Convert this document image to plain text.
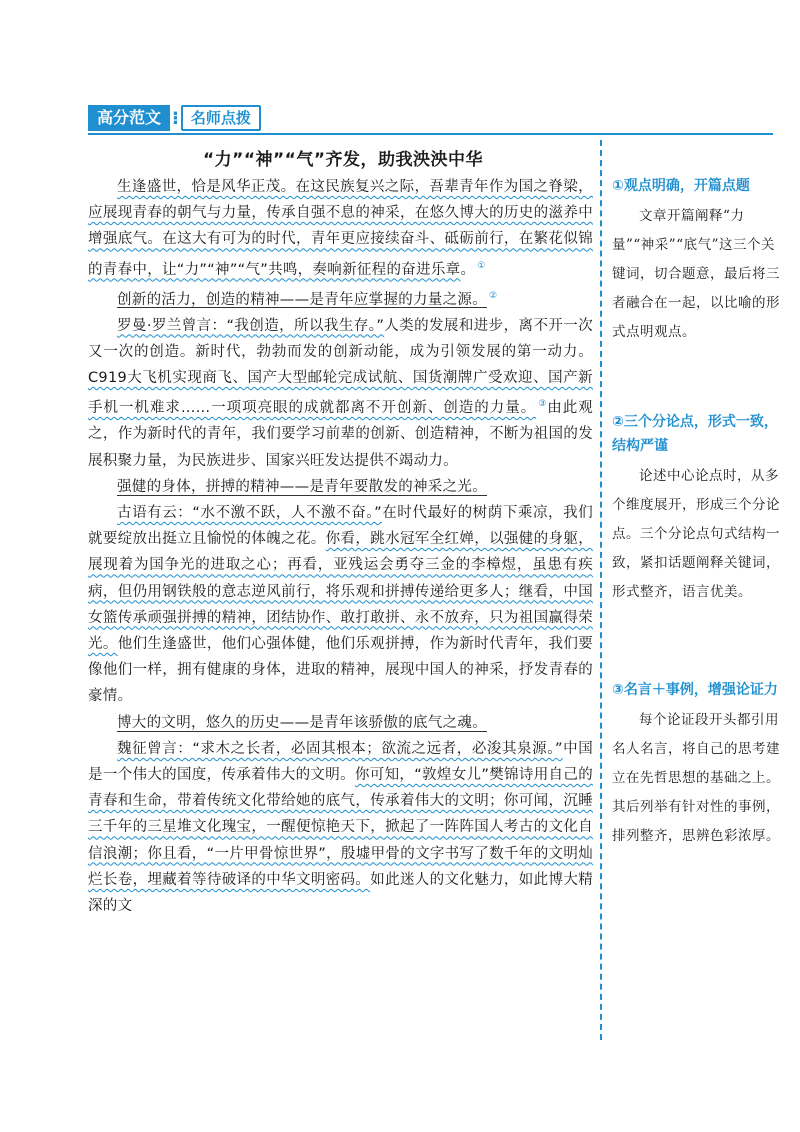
高分范文 ⁝ 名师点拨
“力”“神”“气”齐发，助我泱泱中华

生逢盛世，恰是风华正茂。在这民族复兴之际，吾辈青年作为国之脊梁，应展现青春的朝气与力量，传承自强不息的神采，在悠久博大的历史的滋养中增强底气。在这大有可为的时代，青年更应接续奋斗、砥砺前行，在繁花似锦的青春中，让“力”“神”“气”共鸣，奏响新征程的奋进乐章。 ①

创新的活力，创造的精神——是青年应掌握的力量之源。 ②

罗曼·罗兰曾言：“我创造，所以我生存。”人类的发展和进步，离不开一次又一次的创造。新时代，勃勃而发的创新动能，成为引领发展的第一动力。C919大飞机实现商飞、国产大型邮轮完成试航、国货潮牌广受欢迎、国产新手机一机难求……一项项亮眼的成就都离不开创新、创造的力量。 ③由此观之，作为新时代的青年，我们要学习前辈的创新、创造精神，不断为祖国的发展积聚力量，为民族进步、国家兴旺发达提供不竭动力。

强健的身体，拼搏的精神——是青年要散发的神采之光。

古语有云：“水不激不跃，人不激不奋。”在时代最好的树荫下乘凉，我们就要绽放出挺立且愉悦的体魄之花。你看，跳水冠军全红婵，以强健的身躯，展现着为国争光的进取之心；再看，亚残运会勇夺三金的李樟煜，虽患有疾病，但仍用钢铁般的意志逆风前行，将乐观和拼搏传递给更多人；继看，中国女篮传承顽强拼搏的精神，团结协作、敢打敢拼、永不放弃，只为祖国赢得荣光。他们生逢盛世，他们心强体健，他们乐观拼搏，作为新时代青年，我们要像他们一样，拥有健康的身体，进取的精神，展现中国人的神采，抒发青春的豪情。

博大的文明，悠久的历史——是青年该骄傲的底气之魂。

魏征曾言：“求木之长者，必固其根本；欲流之远者，必浚其泉源。”中国是一个伟大的国度，传承着伟大的文明。你可知，“敦煌女儿”樊锦诗用自己的青春和生命，带着传统文化带给她的底气，传承着伟大的文明；你可闻，沉睡三千年的三星堆文化瑰宝，一醒便惊艳天下，掀起了一阵阵国人考古的文化自信浪潮；你且看，“一片甲骨惊世界”，殷墟甲骨的文字书写了数千年的文明灿烂长卷，埋藏着等待破译的中华文明密码。如此迷人的文化魅力，如此博大精深的文

①观点明确，开篇点题
文章开篇阐释“力量”“神采”“底气”这三个关键词，切合题意，最后将三者融合在一起，以比喻的形式点明观点。
②三个分论点，形式一致，结构严谨
论述中心论点时，从多个维度展开，形成三个分论点。三个分论点句式结构一致，紧扣话题阐释关键词，形式整齐，语言优美。
③名言＋事例，增强论证力
每个论证段开头都引用名人名言，将自己的思考建立在先哲思想的基础之上。其后列举有针对性的事例，排列整齐，思辨色彩浓厚。
